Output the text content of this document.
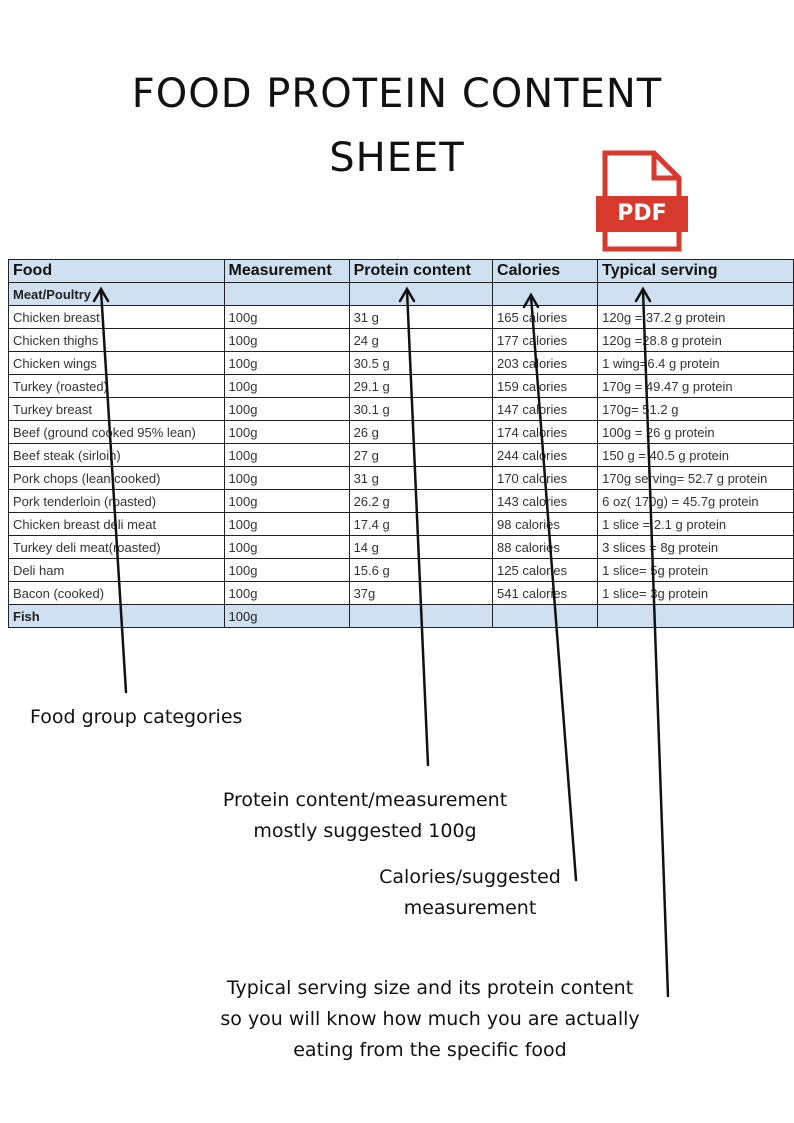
FOOD PROTEIN CONTENT
SHEET
PDF
Food	Measurement	Protein content	Calories	Typical serving
Meat/Poultry				
Chicken breast	100g	31 g	165 calories	120g = 37.2 g protein
Chicken thighs	100g	24 g	177 calories	120g =28.8 g protein
Chicken wings	100g	30.5 g	203 calories	1 wing=6.4 g protein
Turkey (roasted)	100g	29.1 g	159 calories	170g = 49.47 g protein
Turkey breast	100g	30.1 g	147 calories	170g= 51.2 g
Beef (ground cooked 95% lean)	100g	26 g	174 calories	100g = 26 g protein
Beef steak (sirloin)	100g	27 g	244 calories	150 g = 40.5 g protein
Pork chops (lean cooked)	100g	31 g	170 calories	170g serving= 52.7 g protein
Pork tenderloin (roasted)	100g	26.2 g	143 calories	6 oz( 170g) = 45.7g protein
Chicken breast deli meat	100g	17.4 g	98 calories	1 slice = 2.1 g protein
Turkey deli meat(roasted)	100g	14 g	88 calories	3 slices = 8g protein
Deli ham	100g	15.6 g	125 calories	1 slice= 5g protein
Bacon (cooked)	100g	37g	541 calories	1 slice= 3g protein
Fish	100g			
Food group categories
Protein content/measurement
mostly suggested 100g
Calories/suggested
measurement
Typical serving size and its protein content
so you will know how much you are actually
eating from the specific food
